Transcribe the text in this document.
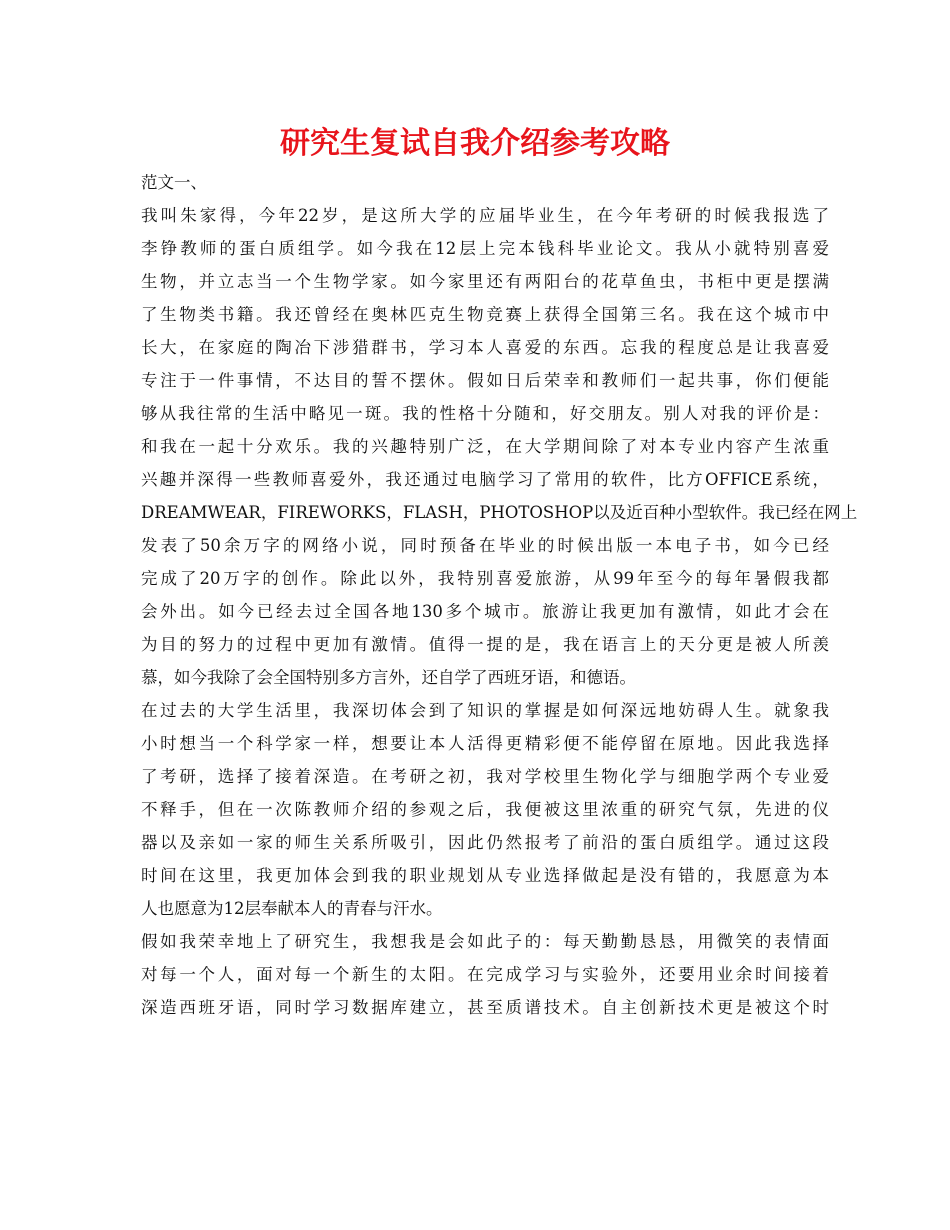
研究生复试自我介绍参考攻略

范文一、

我叫朱家得，今年22岁，是这所大学的应届毕业生，在今年考研的时候我报选了
李铮教师的蛋白质组学。如今我在12层上完本钱科毕业论文。我从小就特别喜爱
生物，并立志当一个生物学家。如今家里还有两阳台的花草鱼虫，书柜中更是摆满
了生物类书籍。我还曾经在奥林匹克生物竞赛上获得全国第三名。我在这个城市中
长大，在家庭的陶冶下涉猎群书，学习本人喜爱的东西。忘我的程度总是让我喜爱
专注于一件事情，不达目的誓不摆休。假如日后荣幸和教师们一起共事，你们便能
够从我往常的生活中略见一斑。我的性格十分随和，好交朋友。别人对我的评价是：
和我在一起十分欢乐。我的兴趣特别广泛，在大学期间除了对本专业内容产生浓重
兴趣并深得一些教师喜爱外，我还通过电脑学习了常用的软件，比方OFFICE系统，
DREAMWEAR，FIREWORKS，FLASH，PHOTOSHOP以及近百种小型软件。我已经在网上
发表了50余万字的网络小说，同时预备在毕业的时候出版一本电子书，如今已经
完成了20万字的创作。除此以外，我特别喜爱旅游，从99年至今的每年暑假我都
会外出。如今已经去过全国各地130多个城市。旅游让我更加有激情，如此才会在
为目的努力的过程中更加有激情。值得一提的是，我在语言上的天分更是被人所羡
慕，如今我除了会全国特别多方言外，还自学了西班牙语，和德语。

在过去的大学生活里，我深切体会到了知识的掌握是如何深远地妨碍人生。就象我
小时想当一个科学家一样，想要让本人活得更精彩便不能停留在原地。因此我选择
了考研，选择了接着深造。在考研之初，我对学校里生物化学与细胞学两个专业爱
不释手，但在一次陈教师介绍的参观之后，我便被这里浓重的研究气氛，先进的仪
器以及亲如一家的师生关系所吸引，因此仍然报考了前沿的蛋白质组学。通过这段
时间在这里，我更加体会到我的职业规划从专业选择做起是没有错的，我愿意为本
人也愿意为12层奉献本人的青春与汗水。

假如我荣幸地上了研究生，我想我是会如此子的：每天勤勤恳恳，用微笑的表情面
对每一个人，面对每一个新生的太阳。在完成学习与实验外，还要用业余时间接着
深造西班牙语，同时学习数据库建立，甚至质谱技术。自主创新技术更是被这个时
